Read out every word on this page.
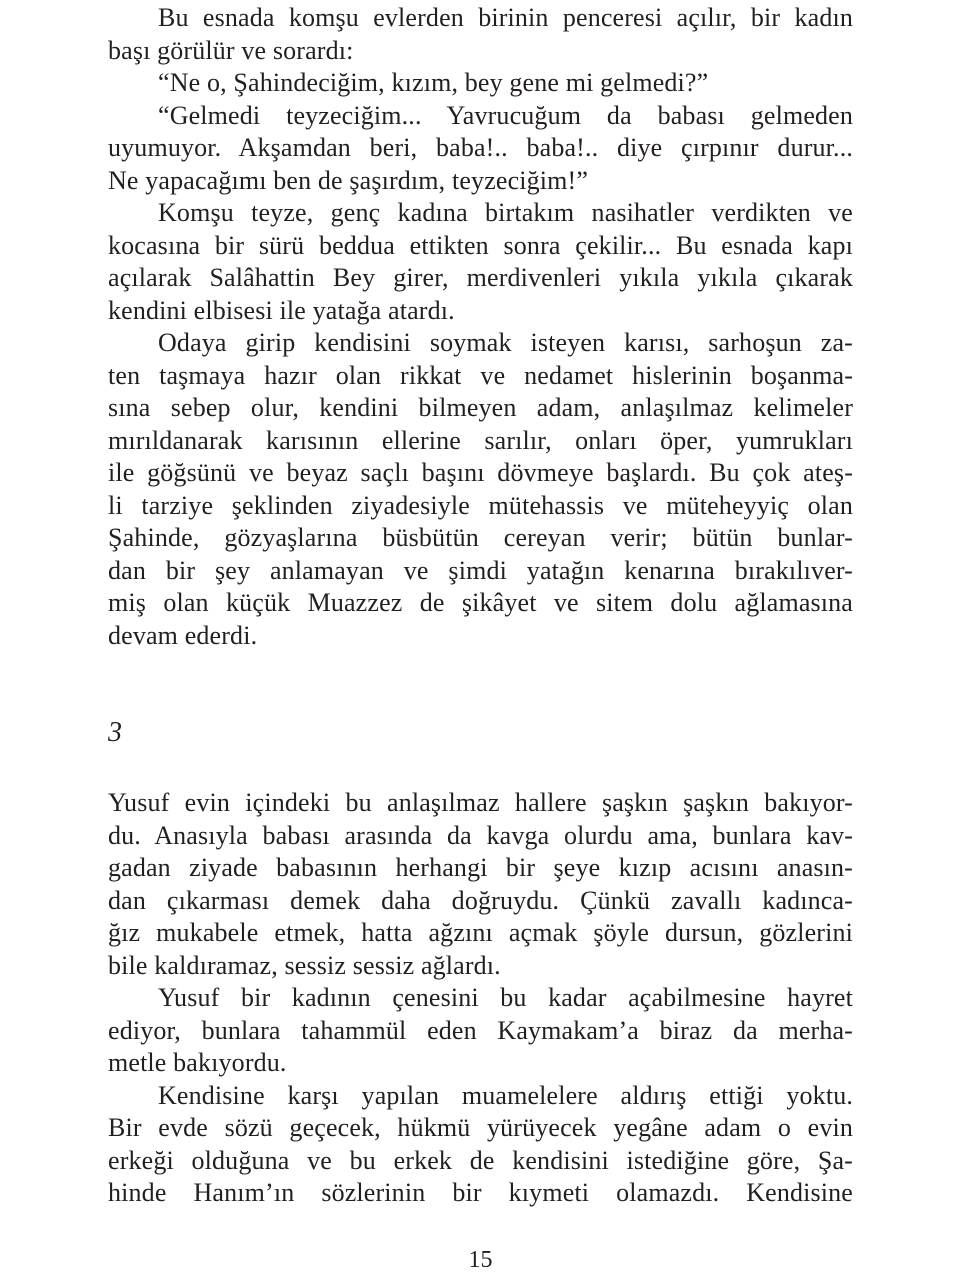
Bu esnada komşu evlerden birinin penceresi açılır, bir kadın
başı görülür ve sorardı:

“Ne o, Şahindeciğim, kızım, bey gene mi gelmedi?”

“Gelmedi teyzeciğim... Yavrucuğum da babası gelmeden
uyumuyor. Akşamdan beri, baba!.. baba!.. diye çırpınır durur...
Ne yapacağımı ben de şaşırdım, teyzeciğim!”

Komşu teyze, genç kadına birtakım nasihatler verdikten ve
kocasına bir sürü beddua ettikten sonra çekilir... Bu esnada kapı
açılarak Salâhattin Bey girer, merdivenleri yıkıla yıkıla çıkarak
kendini elbisesi ile yatağa atardı.

Odaya girip kendisini soymak isteyen karısı, sarhoşun za-
ten taşmaya hazır olan rikkat ve nedamet hislerinin boşanma-
sına sebep olur, kendini bilmeyen adam, anlaşılmaz kelimeler
mırıldanarak karısının ellerine sarılır, onları öper, yumrukları
ile göğsünü ve beyaz saçlı başını dövmeye başlardı. Bu çok ateş-
li tarziye şeklinden ziyadesiyle mütehassis ve müteheyyiç olan
Şahinde, gözyaşlarına büsbütün cereyan verir; bütün bunlar-
dan bir şey anlamayan ve şimdi yatağın kenarına bırakılıver-
miş olan küçük Muazzez de şikâyet ve sitem dolu ağlamasına
devam ederdi.

3

Yusuf evin içindeki bu anlaşılmaz hallere şaşkın şaşkın bakıyor-
du. Anasıyla babası arasında da kavga olurdu ama, bunlara kav-
gadan ziyade babasının herhangi bir şeye kızıp acısını anasın-
dan çıkarması demek daha doğruydu. Çünkü zavallı kadınca-
ğız mukabele etmek, hatta ağzını açmak şöyle dursun, gözlerini
bile kaldıramaz, sessiz sessiz ağlardı.

Yusuf bir kadının çenesini bu kadar açabilmesine hayret
ediyor, bunlara tahammül eden Kaymakam’a biraz da merha-
metle bakıyordu.

Kendisine karşı yapılan muamelelere aldırış ettiği yoktu.
Bir evde sözü geçecek, hükmü yürüyecek yegâne adam o evin
erkeği olduğuna ve bu erkek de kendisini istediğine göre, Şa-
hinde Hanım’ın sözlerinin bir kıymeti olamazdı. Kendisine

15
